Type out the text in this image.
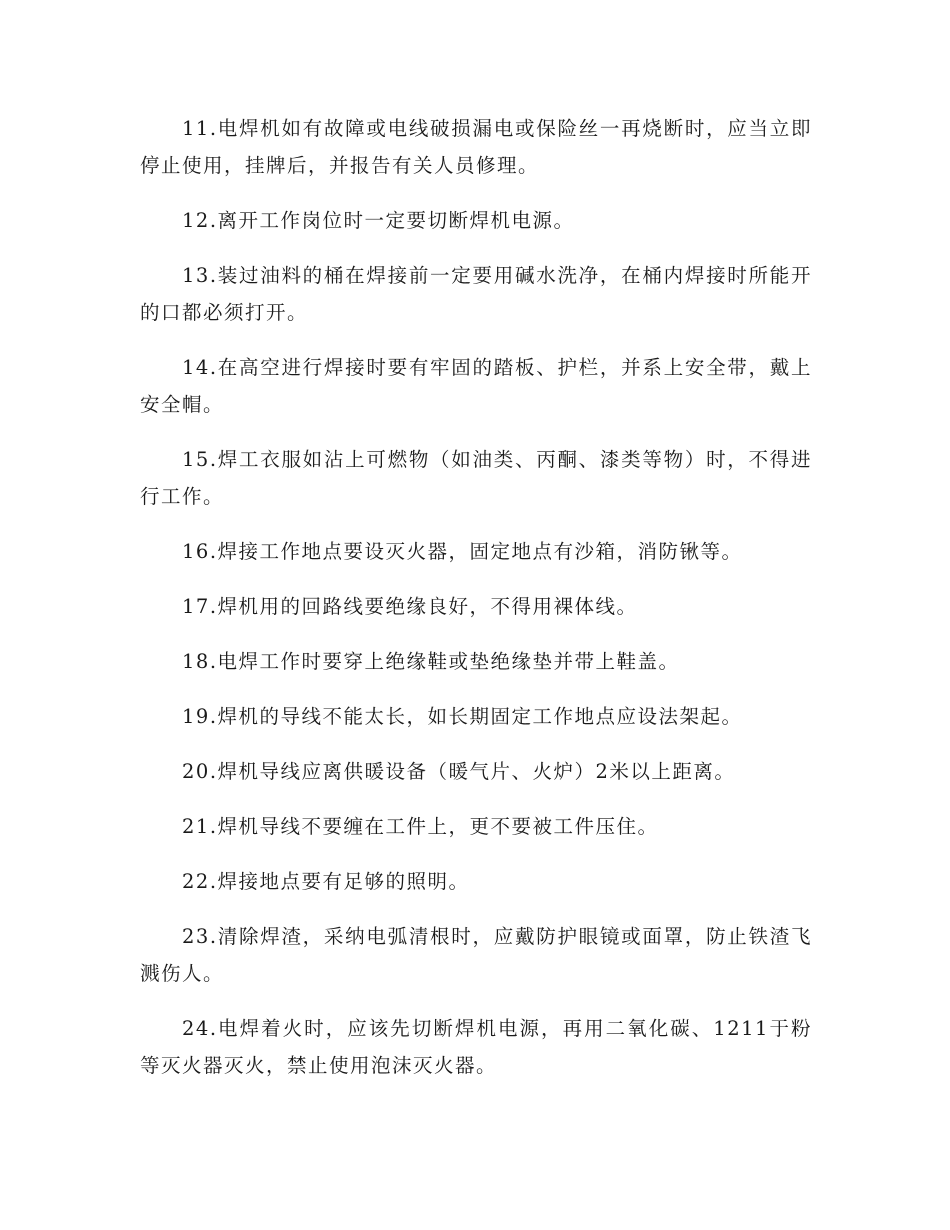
11.电焊机如有故障或电线破损漏电或保险丝一再烧断时，应当立即停止使用，挂牌后，并报告有关人员修理。

12.离开工作岗位时一定要切断焊机电源。

13.装过油料的桶在焊接前一定要用碱水洗净，在桶内焊接时所能开的口都必须打开。

14.在高空进行焊接时要有牢固的踏板、护栏，并系上安全带，戴上安全帽。

15.焊工衣服如沾上可燃物（如油类、丙酮、漆类等物）时，不得进行工作。

16.焊接工作地点要设灭火器，固定地点有沙箱，消防锹等。

17.焊机用的回路线要绝缘良好，不得用裸体线。

18.电焊工作时要穿上绝缘鞋或垫绝缘垫并带上鞋盖。

19.焊机的导线不能太长，如长期固定工作地点应设法架起。

20.焊机导线应离供暖设备（暖气片、火炉）2米以上距离。

21.焊机导线不要缠在工件上，更不要被工件压住。

22.焊接地点要有足够的照明。

23.清除焊渣，采纳电弧清根时，应戴防护眼镜或面罩，防止铁渣飞溅伤人。

24.电焊着火时，应该先切断焊机电源，再用二氧化碳、1211于粉等灭火器灭火，禁止使用泡沫灭火器。
